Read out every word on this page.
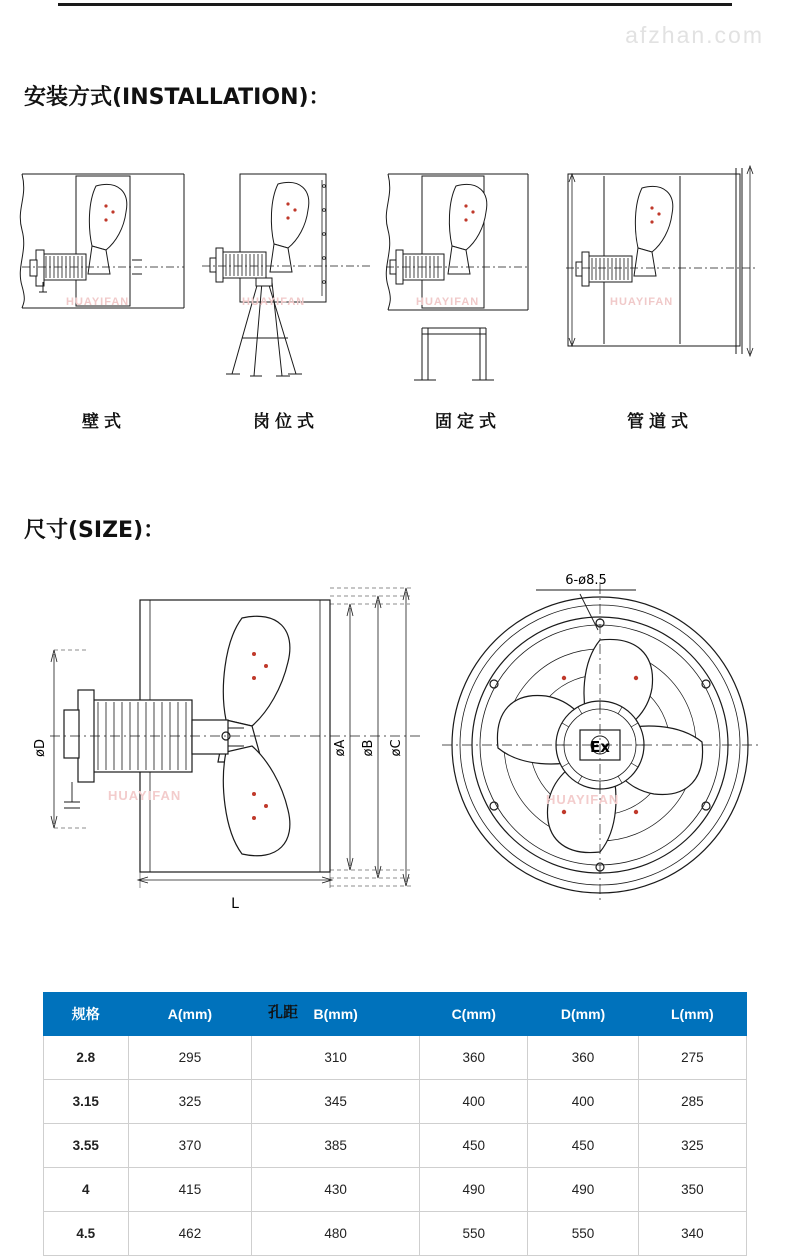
afzhan.com
安装方式(INSTALLATION)：
HUAYIFAN
壁式
HUAYIFAN
岗位式
HUAYIFAN
固定式
HUAYIFAN
管道式
尺寸(SIZE)：
øD	øA øB øC
L
HUAYIFAN
Ex
6-ø8.5
HUAYIFAN
规格	A(mm)	B(mm)	C(mm)	D(mm)	L(mm)
2.8	295	310	360	360	275
3.15	325	345	400	400	285
3.55	370	385	450	450	325
4	415	430	490	490	350
4.5	462	480	550	550	340
孔距
